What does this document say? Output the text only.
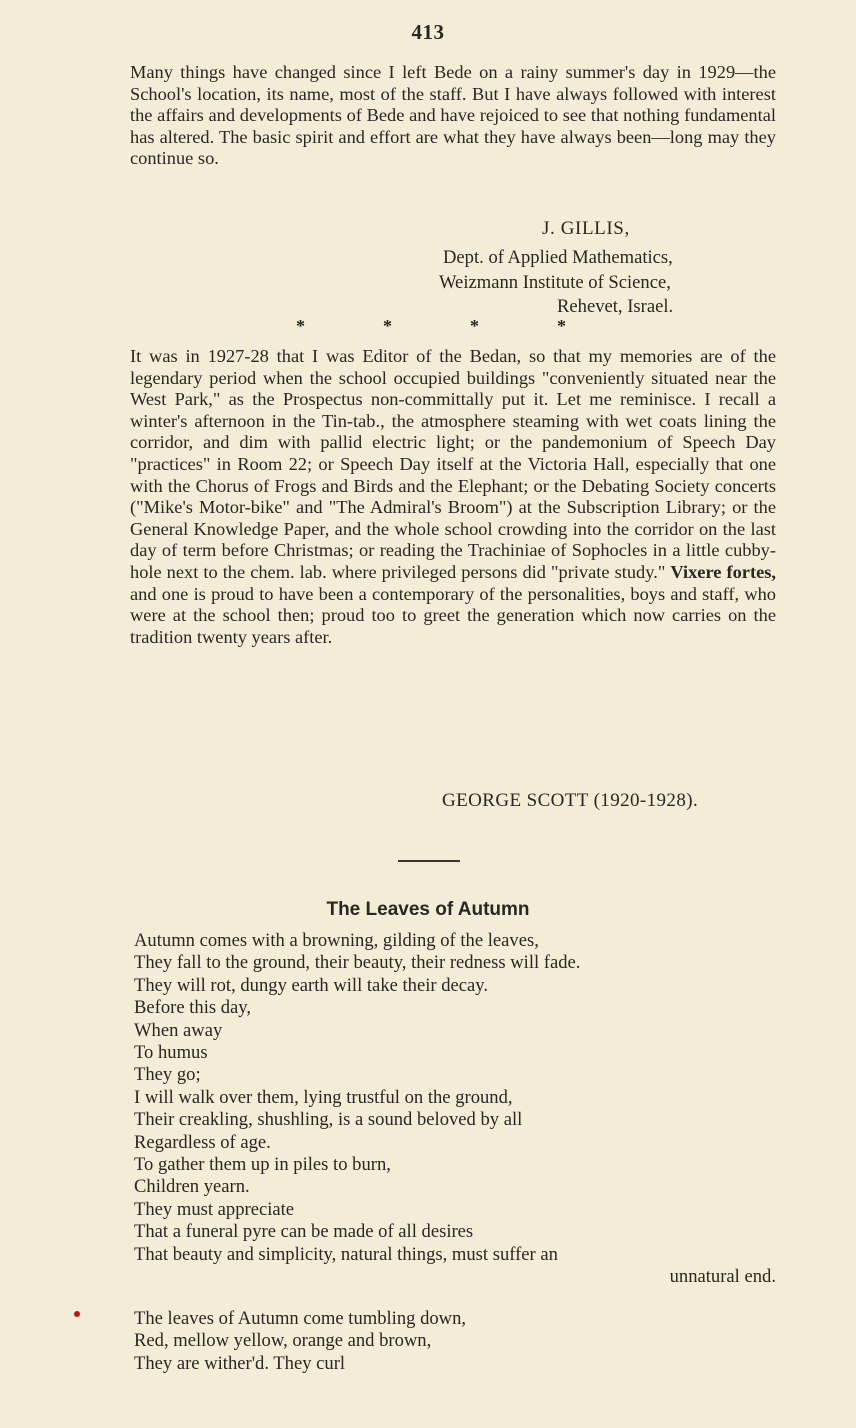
413

Many things have changed since I left Bede on a rainy summer's day in 1929—the School's location, its name, most of the staff. But I have always followed with interest the affairs and developments of Bede and have rejoiced to see that nothing fundamental has altered. The basic spirit and effort are what they have always been—long may they continue so.

J. GILLIS,
Dept. of Applied Mathematics,
Weizmann Institute of Science,
Rehevet, Israel.
*	*	*	*

It was in 1927-28 that I was Editor of the Bedan, so that my memories are of the legendary period when the school occupied buildings "conveniently situated near the West Park," as the Prospectus non-committally put it. Let me reminisce. I recall a winter's afternoon in the Tin-tab., the atmosphere steaming with wet coats lining the corridor, and dim with pallid electric light; or the pandemonium of Speech Day "practices" in Room 22; or Speech Day itself at the Victoria Hall, especially that one with the Chorus of Frogs and Birds and the Elephant; or the Debating Society concerts ("Mike's Motor-bike" and "The Admiral's Broom") at the Subscription Library; or the General Knowledge Paper, and the whole school crowding into the corridor on the last day of term before Christmas; or reading the Trachiniae of Sophocles in a little cubby-hole next to the chem. lab. where privileged persons did "private study." Vixere fortes, and one is proud to have been a contemporary of the personalities, boys and staff, who were at the school then; proud too to greet the generation which now carries on the tradition twenty years after.

GEORGE SCOTT (1920-1928).
The Leaves of Autumn
Autumn comes with a browning, gilding of the leaves,
They fall to the ground, their beauty, their redness will fade.
They will rot, dungy earth will take their decay.
Before this day,
When away
To humus
They go;
I will walk over them, lying trustful on the ground,
Their creakling, shushling, is a sound beloved by all
Regardless of age.
To gather them up in piles to burn,
Children yearn.
They must appreciate
That a funeral pyre can be made of all desires
That beauty and simplicity, natural things, must suffer an
unnatural end.
The leaves of Autumn come tumbling down,
Red, mellow yellow, orange and brown,
They are wither'd. They curl
